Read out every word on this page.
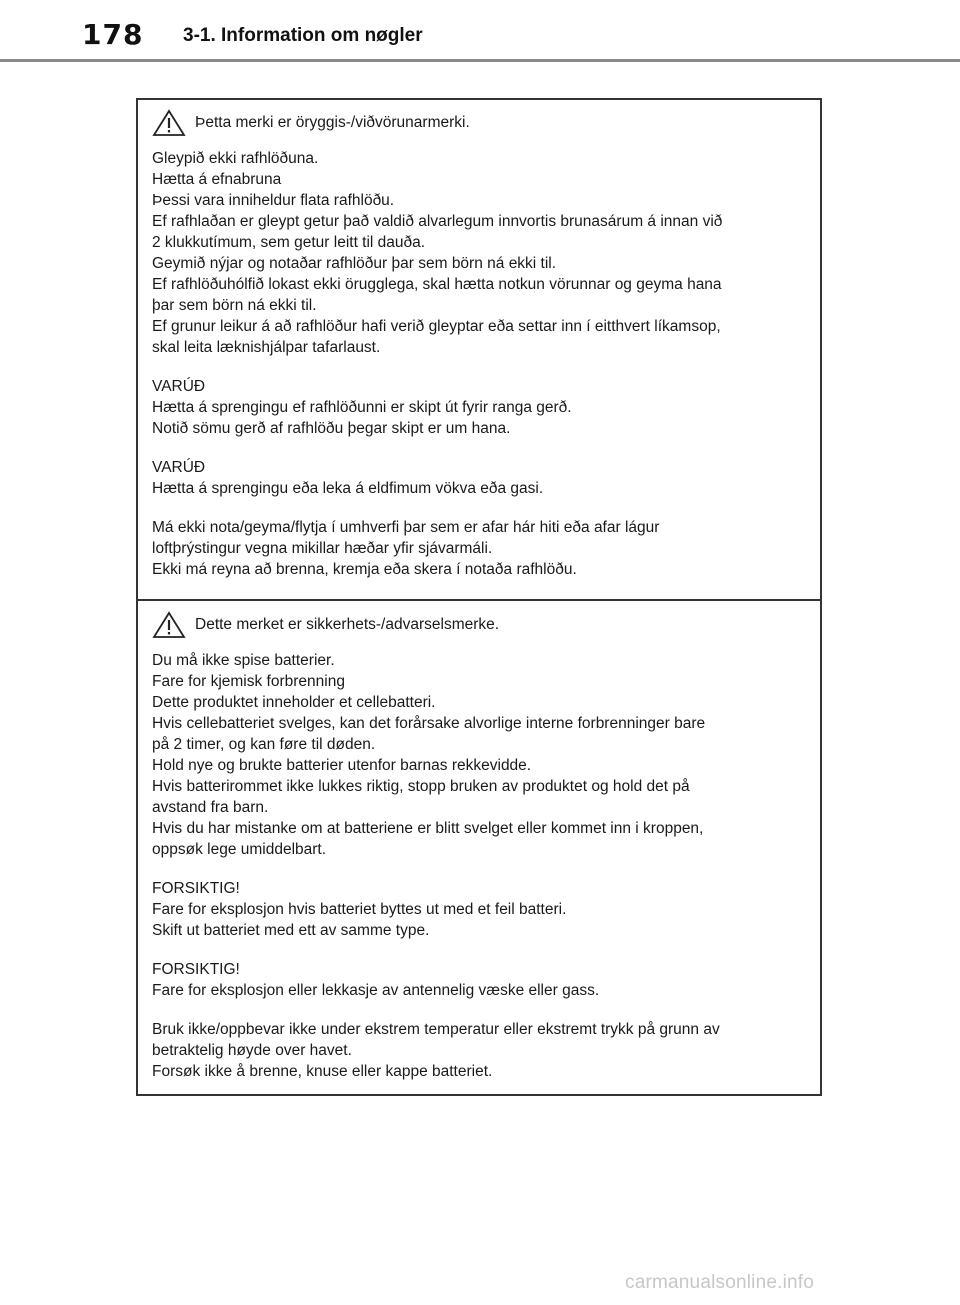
178 3-1. Information om nøgler
Þetta merki er öryggis-/viðvörunarmerki.
Gleypið ekki rafhlöðuna.
Hætta á efnabruna
Þessi vara inniheldur flata rafhlöðu.
Ef rafhlaðan er gleypt getur það valdið alvarlegum innvortis brunasárum á innan við
2 klukkutímum, sem getur leitt til dauða.
Geymið nýjar og notaðar rafhlöður þar sem börn ná ekki til.
Ef rafhlöðuhólfið lokast ekki örugglega, skal hætta notkun vörunnar og geyma hana
þar sem börn ná ekki til.
Ef grunur leikur á að rafhlöður hafi verið gleyptar eða settar inn í eitthvert líkamsop,
skal leita læknishjálpar tafarlaust.
VARÚÐ
Hætta á sprengingu ef rafhlöðunni er skipt út fyrir ranga gerð.
Notið sömu gerð af rafhlöðu þegar skipt er um hana.
VARÚÐ
Hætta á sprengingu eða leka á eldfimum vökva eða gasi.
Má ekki nota/geyma/flytja í umhverfi þar sem er afar hár hiti eða afar lágur
loftþrýstingur vegna mikillar hæðar yfir sjávarmáli.
Ekki má reyna að brenna, kremja eða skera í notaða rafhlöðu.
Dette merket er sikkerhets-/advarselsmerke.
Du må ikke spise batterier.
Fare for kjemisk forbrenning
Dette produktet inneholder et cellebatteri.
Hvis cellebatteriet svelges, kan det forårsake alvorlige interne forbrenninger bare
på 2 timer, og kan føre til døden.
Hold nye og brukte batterier utenfor barnas rekkevidde.
Hvis batterirommet ikke lukkes riktig, stopp bruken av produktet og hold det på
avstand fra barn.
Hvis du har mistanke om at batteriene er blitt svelget eller kommet inn i kroppen,
oppsøk lege umiddelbart.
FORSIKTIG!
Fare for eksplosjon hvis batteriet byttes ut med et feil batteri.
Skift ut batteriet med ett av samme type.
FORSIKTIG!
Fare for eksplosjon eller lekkasje av antennelig væske eller gass.
Bruk ikke/oppbevar ikke under ekstrem temperatur eller ekstremt trykk på grunn av
betraktelig høyde over havet.
Forsøk ikke å brenne, knuse eller kappe batteriet.
carmanualsonline.info
